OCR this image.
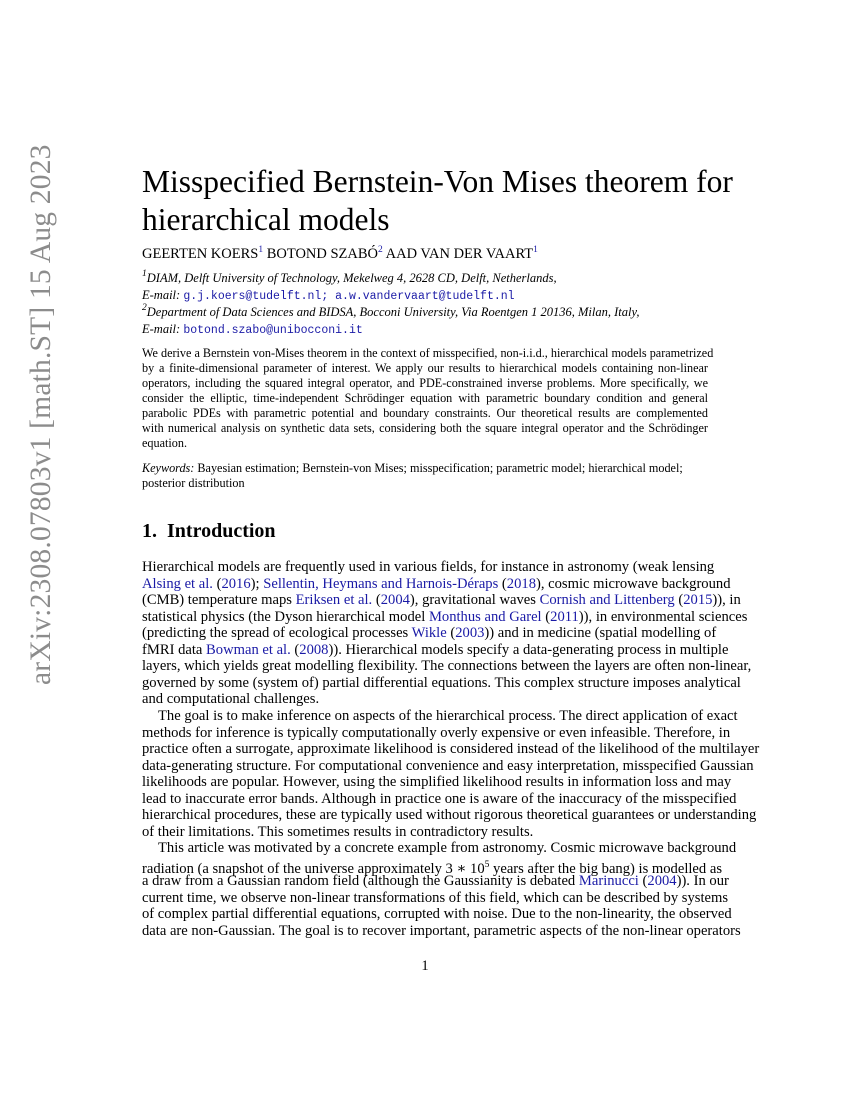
arXiv:2308.07803v1 [math.ST] 15 Aug 2023	Misspecified Bernstein-Von Mises theorem for
hierarchical models
GEERTEN KOERS$^1$ BOTOND SZABÓ$^2$ AAD VAN DER VAART$^1$
$^1$DIAM, Delft University of Technology, Mekelweg 4, 2628 CD, Delft, Netherlands,
E-mail: g.j.koers@tudelft.nl; a.w.vandervaart@tudelft.nl
$^2$Department of Data Sciences and BIDSA, Bocconi University, Via Roentgen 1 20136, Milan, Italy,
E-mail: botond.szabo@unibocconi.it

We derive a Bernstein von-Mises theorem in the context of misspecified, non-i.i.d., hierarchical models parametrized
by a finite-dimensional parameter of interest. We apply our results to hierarchical models containing non-linear
operators, including the squared integral operator, and PDE-constrained inverse problems. More specifically, we
consider the elliptic, time-independent Schrödinger equation with parametric boundary condition and general
parabolic PDEs with parametric potential and boundary constraints. Our theoretical results are complemented
with numerical analysis on synthetic data sets, considering both the square integral operator and the Schrödinger
equation.

Keywords: Bayesian estimation; Bernstein-von Mises; misspecification; parametric model; hierarchical model;
posterior distribution

1. Introduction
Hierarchical models are frequently used in various fields, for instance in astronomy (weak lensing
Alsing et al. (2016); Sellentin, Heymans and Harnois-Déraps (2018), cosmic microwave background
(CMB) temperature maps Eriksen et al. (2004), gravitational waves Cornish and Littenberg (2015)), in
statistical physics (the Dyson hierarchical model Monthus and Garel (2011)), in environmental sciences
(predicting the spread of ecological processes Wikle (2003)) and in medicine (spatial modelling of
fMRI data Bowman et al. (2008)). Hierarchical models specify a data-generating process in multiple
layers, which yields great modelling flexibility. The connections between the layers are often non-linear,
governed by some (system of) partial differential equations. This complex structure imposes analytical
and computational challenges.
The goal is to make inference on aspects of the hierarchical process. The direct application of exact
methods for inference is typically computationally overly expensive or even infeasible. Therefore, in
practice often a surrogate, approximate likelihood is considered instead of the likelihood of the multilayer
data-generating structure. For computational convenience and easy interpretation, misspecified Gaussian
likelihoods are popular. However, using the simplified likelihood results in information loss and may
lead to inaccurate error bands. Although in practice one is aware of the inaccuracy of the misspecified
hierarchical procedures, these are typically used without rigorous theoretical guarantees or understanding
of their limitations. This sometimes results in contradictory results.
This article was motivated by a concrete example from astronomy. Cosmic microwave background
radiation (a snapshot of the universe approximately 3 ∗ $10^5$ years after the big bang) is modelled as
a draw from a Gaussian random field (although the Gaussianity is debated Marinucci (2004)). In our
current time, we observe non-linear transformations of this field, which can be described by systems
of complex partial differential equations, corrupted with noise. Due to the non-linearity, the observed
data are non-Gaussian. The goal is to recover important, parametric aspects of the non-linear operators
1
